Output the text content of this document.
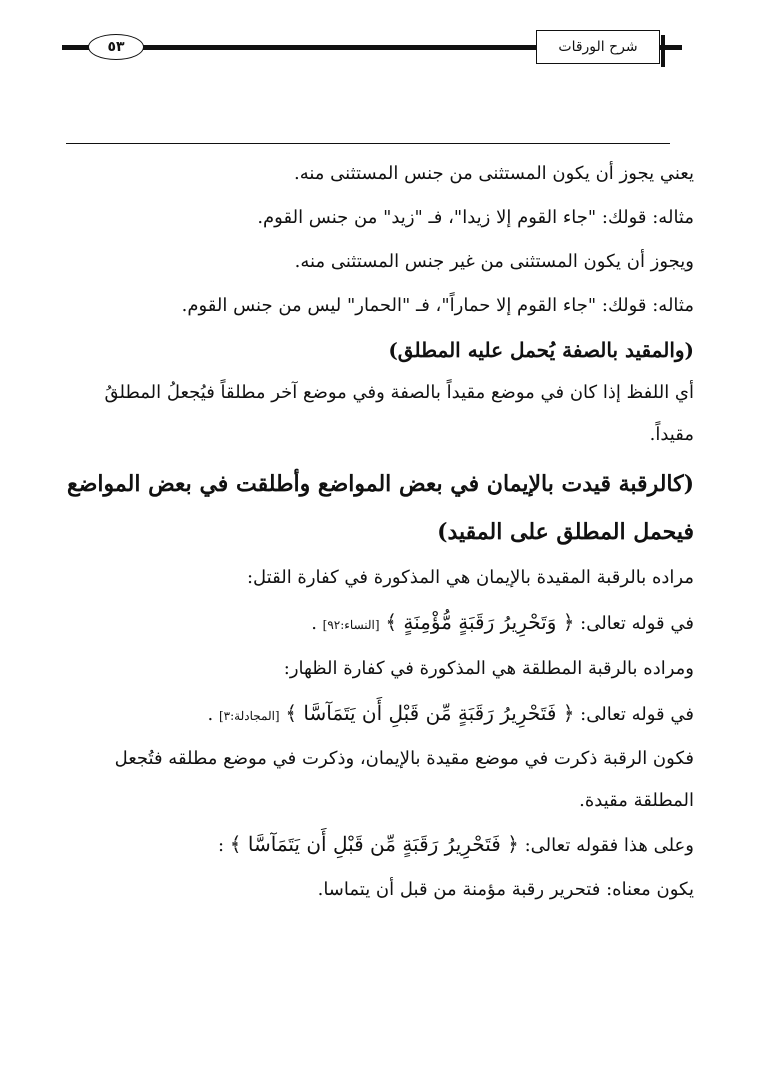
شرح الورقات
٥٣

يعني يجوز أن يكون المستثنى من جنس المستثنى منه.

مثاله: قولك: "جاء القوم إلا زيدا"، فـ "زيد" من جنس القوم.

ويجوز أن يكون المستثنى من غير جنس المستثنى منه.

مثاله: قولك: "جاء القوم إلا حماراً"، فـ "الحمار" ليس من جنس القوم.

(والمقيد بالصفة يُحمل عليه المطلق)

أي اللفظ إذا كان في موضع مقيداً بالصفة وفي موضع آخر مطلقاً فيُجعلُ المطلقُ مقيداً.

(كالرقبة قيدت بالإيمان في بعض المواضع وأطلقت في بعض المواضع فيحمل المطلق على المقيد)

مراده بالرقبة المقيدة بالإيمان هي المذكورة في كفارة القتل:

في قوله تعالى: ﴿ وَتَحْرِيرُ رَقَبَةٍ مُّؤْمِنَةٍ ﴾ [النساء:٩٢] .

ومراده بالرقبة المطلقة هي المذكورة في كفارة الظهار:

في قوله تعالى: ﴿ فَتَحْرِيرُ رَقَبَةٍ مِّن قَبْلِ أَن يَتَمَآسَّا ﴾ [المجادلة:٣] .

فكون الرقبة ذكرت في موضع مقيدة بالإيمان، وذكرت في موضع مطلقه فتُجعل المطلقة مقيدة.

وعلى هذا فقوله تعالى: ﴿ فَتَحْرِيرُ رَقَبَةٍ مِّن قَبْلِ أَن يَتَمَآسَّا ﴾ :

يكون معناه: فتحرير رقبة مؤمنة من قبل أن يتماسا.
